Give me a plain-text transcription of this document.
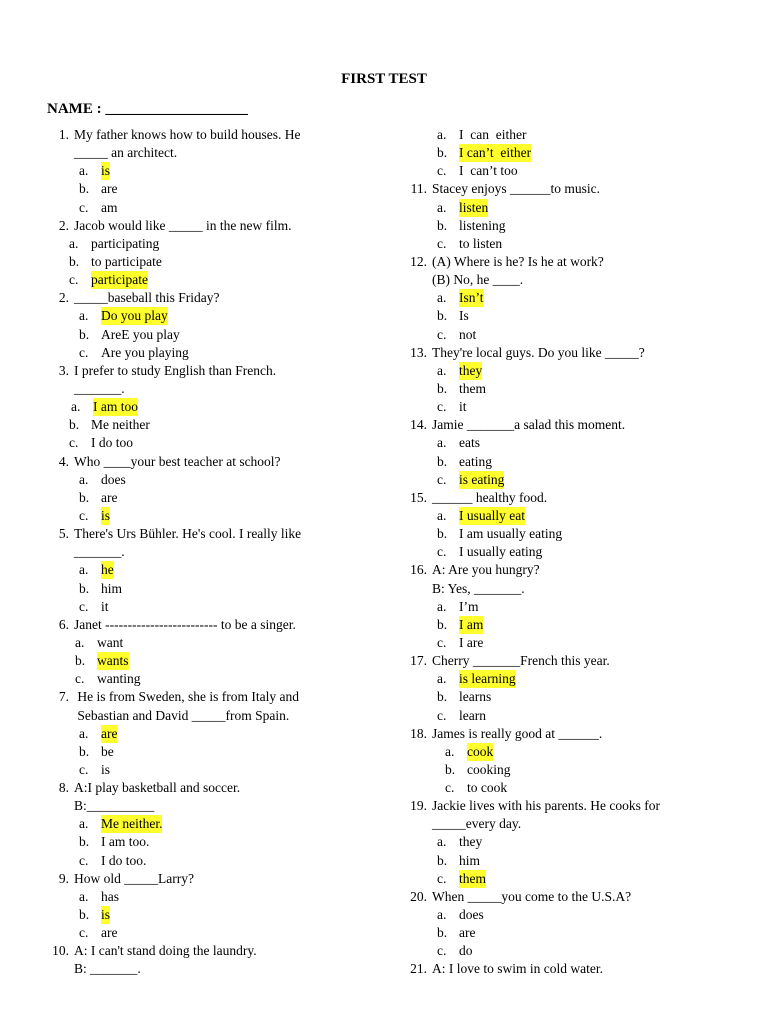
FIRST TEST
NAME : ___________________
1. My father knows how to build houses. He
_____ an architect.
a. is
b. are
c. am
2. Jacob would like _____ in the new film.
a. participating
b. to participate
c. participate
2. _____baseball this Friday?
a. Do you play
b. AreE you play
c. Are you playing
3. I prefer to study English than French.
_______.
a. I am too
b. Me neither
c. I do too
4. Who ____your best teacher at school?
a. does
b. are
c. is
5. There's Urs Bühler. He's cool. I really like
_______.
a. he
b. him
c. it
6. Janet ------------------------- to be a singer.
a. want
b. wants
c. wanting
7. He is from Sweden, she is from Italy and
Sebastian and David _____from Spain.
a. are
b. be
c. is
8. A:I play basketball and soccer.
B:__________
a. Me neither.
b. I am too.
c. I do too.
9. How old _____Larry?
a. has
b. is
c. are
10. A: I can't stand doing the laundry.
B: _______.
a. I  can  either
b. I can’t  either
c. I  can’t too
11. Stacey enjoys ______to music.
a. listen
b. listening
c. to listen
12. (A) Where is he? Is he at work?
(B) No, he ____.
a. Isn’t
b. Is
c. not
13. They're local guys. Do you like _____?
a. they
b. them
c. it
14. Jamie _______a salad this moment.
a. eats
b. eating
c. is eating
15. ______ healthy food.
a. I usually eat
b. I am usually eating
c. I usually eating
16. A: Are you hungry?
B: Yes, _______.
a. I’m
b. I am
c. I are
17. Cherry _______French this year.
a. is learning
b. learns
c. learn
18. James is really good at ______.
a. cook
b. cooking
c. to cook
19. Jackie lives with his parents. He cooks for
_____every day.
a. they
b. him
c. them
20. When _____you come to the U.S.A?
a. does
b. are
c. do
21. A: I love to swim in cold water.
